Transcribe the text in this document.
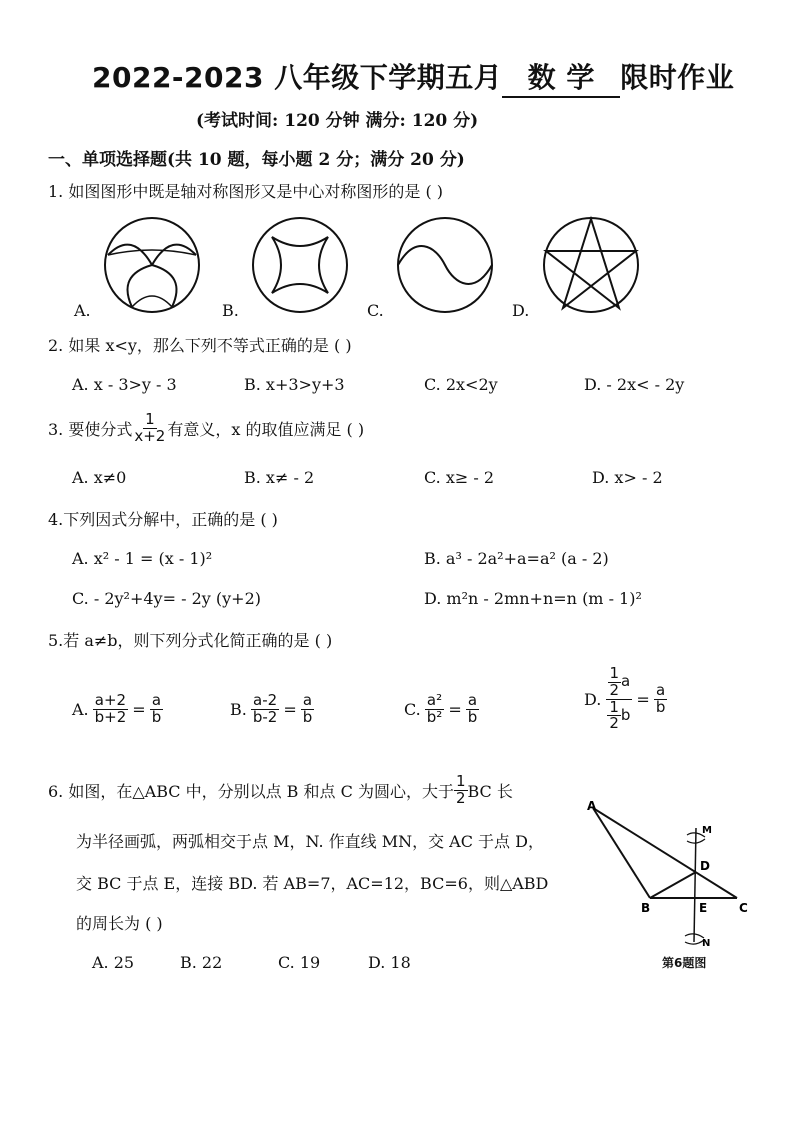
2022-2023 八年级下学期五月 数 学 限时作业
(考试时间: 120 分钟 满分: 120 分)
一、单项选择题(共 10 题，每小题 2 分；满分 20 分)
1. 如图图形中既是轴对称图形又是中心对称图形的是 ( )
A.	B.	C.	D.
2. 如果 x<y，那么下列不等式正确的是 ( )
A. x - 3>y - 3	B. x+3>y+3	C. 2x<2y	D. - 2x< - 2y
3. 要使分式 $\frac{1}{x+2}$ 有意义，x 的取值应满足 ( )
A. x≠0	B. x≠ - 2	C. x≥ - 2	D. x> - 2
4.下列因式分解中，正确的是 ( )
A. x² - 1 = (x - 1)²	B. a³ - 2a²+a=a² (a - 2)
C. - 2y²+4y= - 2y (y+2)	D. m²n - 2mn+n=n (m - 1)²
5.若 a≠b，则下列分式化简正确的是 ( )
A. $\frac{a+2}{b+2} = \frac{a}{b}$	B. $\frac{a-2}{b-2} = \frac{a}{b}$	C. $\frac{\text{a²}}{\text{b²}} = \frac{a}{b}$	D. $\frac{\frac{1}{2} a}{\frac{1}{2} b} = \frac{a}{b}$
6. 如图，在△ABC 中，分别以点 B 和点 C 为圆心，大于 $\frac{1}{2}$ BC 长
为半径画弧，两弧相交于点 M，N. 作直线 MN，交 AC 于点 D，
交 BC 于点 E，连接 BD. 若 AB=7，AC=12，BC=6，则△ABD
的周长为 ( )
A. 25	B. 22	C. 19	D. 18
A
B	C
D
E
M
N
第6题图
